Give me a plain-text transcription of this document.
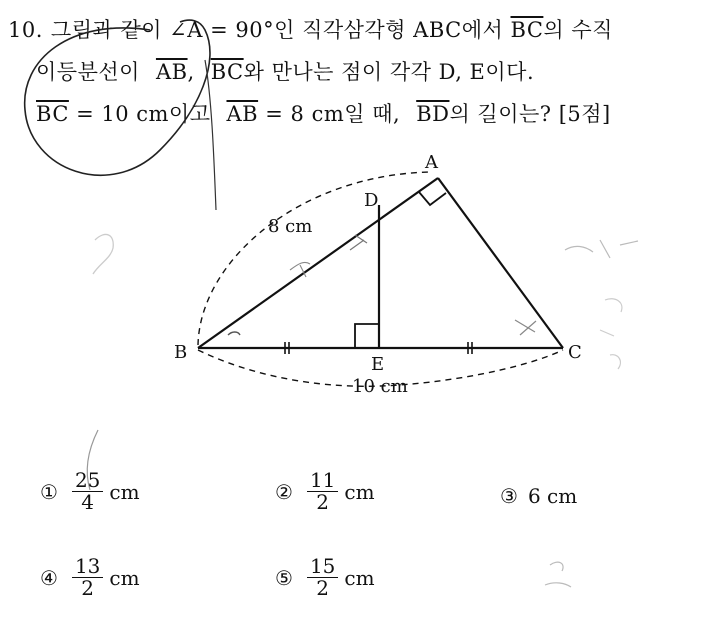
10. 그림과 같이 ∠A = 90°인 직각삼각형 ABC에서 $\overline{BC}$의 수직
이등분선이 $\overline{AB}$, $\overline{BC}$와 만나는 점이 각각 D, E이다.
$\overline{BC} = 10$ cm이고 $\overline{AB} = 8$ cm일 때, $\overline{BD}$의 길이는? [5점]
A
B	C
D
E
8 cm
10 cm
① $\frac{25}{4}$ cm	② $\frac{11}{2}$ cm	③ 6 cm
④ $\frac{13}{2}$ cm	⑤ $\frac{15}{2}$ cm
